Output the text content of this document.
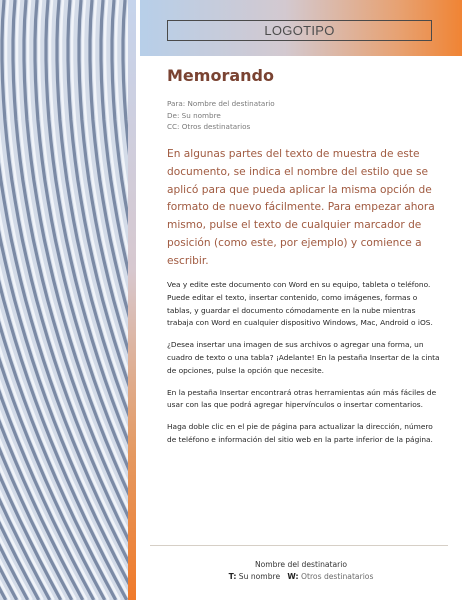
LOGOTIPO
Memorando
Para: Nombre del destinatario
De: Su nombre
CC: Otros destinatarios
En algunas partes del texto de muestra de este documento, se indica el nombre del estilo que se aplicó para que pueda aplicar la misma opción de formato de nuevo fácilmente. Para empezar ahora mismo, pulse el texto de cualquier marcador de posición (como este, por ejemplo) y comience a escribir.

Vea y edite este documento con Word en su equipo, tableta o teléfono. Puede editar el texto, insertar contenido, como imágenes, formas o tablas, y guardar el documento cómodamente en la nube mientras trabaja con Word en cualquier dispositivo Windows, Mac, Android o iOS.

¿Desea insertar una imagen de sus archivos o agregar una forma, un cuadro de texto o una tabla? ¡Adelante! En la pestaña Insertar de la cinta de opciones, pulse la opción que necesite.

En la pestaña Insertar encontrará otras herramientas aún más fáciles de usar con las que podrá agregar hipervínculos o insertar comentarios.

Haga doble clic en el pie de página para actualizar la dirección, número de teléfono e información del sitio web en la parte inferior de la página.

Nombre del destinatario
T: Su nombre W: Otros destinatarios
